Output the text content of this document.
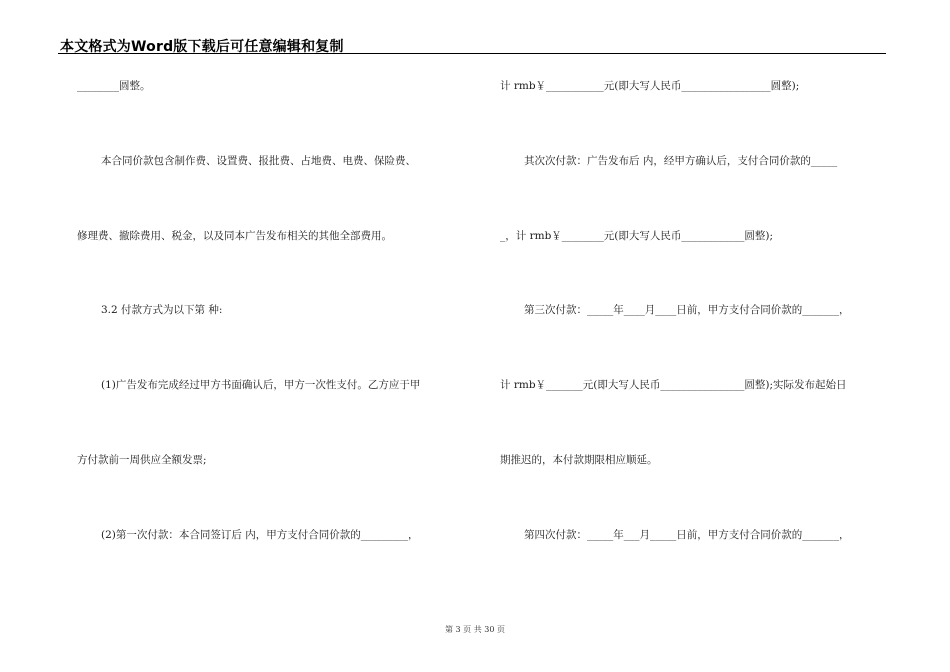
本文格式为Word版下载后可任意编辑和复制
________圆整。
本合同价款包含制作费、设置费、报批费、占地费、电费、保险费、
修理费、撤除费用、税金，以及同本广告发布相关的其他全部费用。
3.2 付款方式为以下第 种:
(1)广告发布完成经过甲方书面确认后，甲方一次性支付。乙方应于甲
方付款前一周供应全额发票;
(2)第一次付款：本合同签订后 内，甲方支付合同价款的_________，
计 rmb￥___________元(即大写人民币_________________圆整);
其次次付款：广告发布后 内，经甲方确认后，支付合同价款的_____
_，计 rmb￥________元(即大写人民币____________圆整);
第三次付款：_____年____月____日前，甲方支付合同价款的_______，
计 rmb￥_______元(即大写人民币________________圆整);实际发布起始日
期推迟的，本付款期限相应顺延。
第四次付款：_____年___月_____日前，甲方支付合同价款的_______，
第 3 页 共 30 页
